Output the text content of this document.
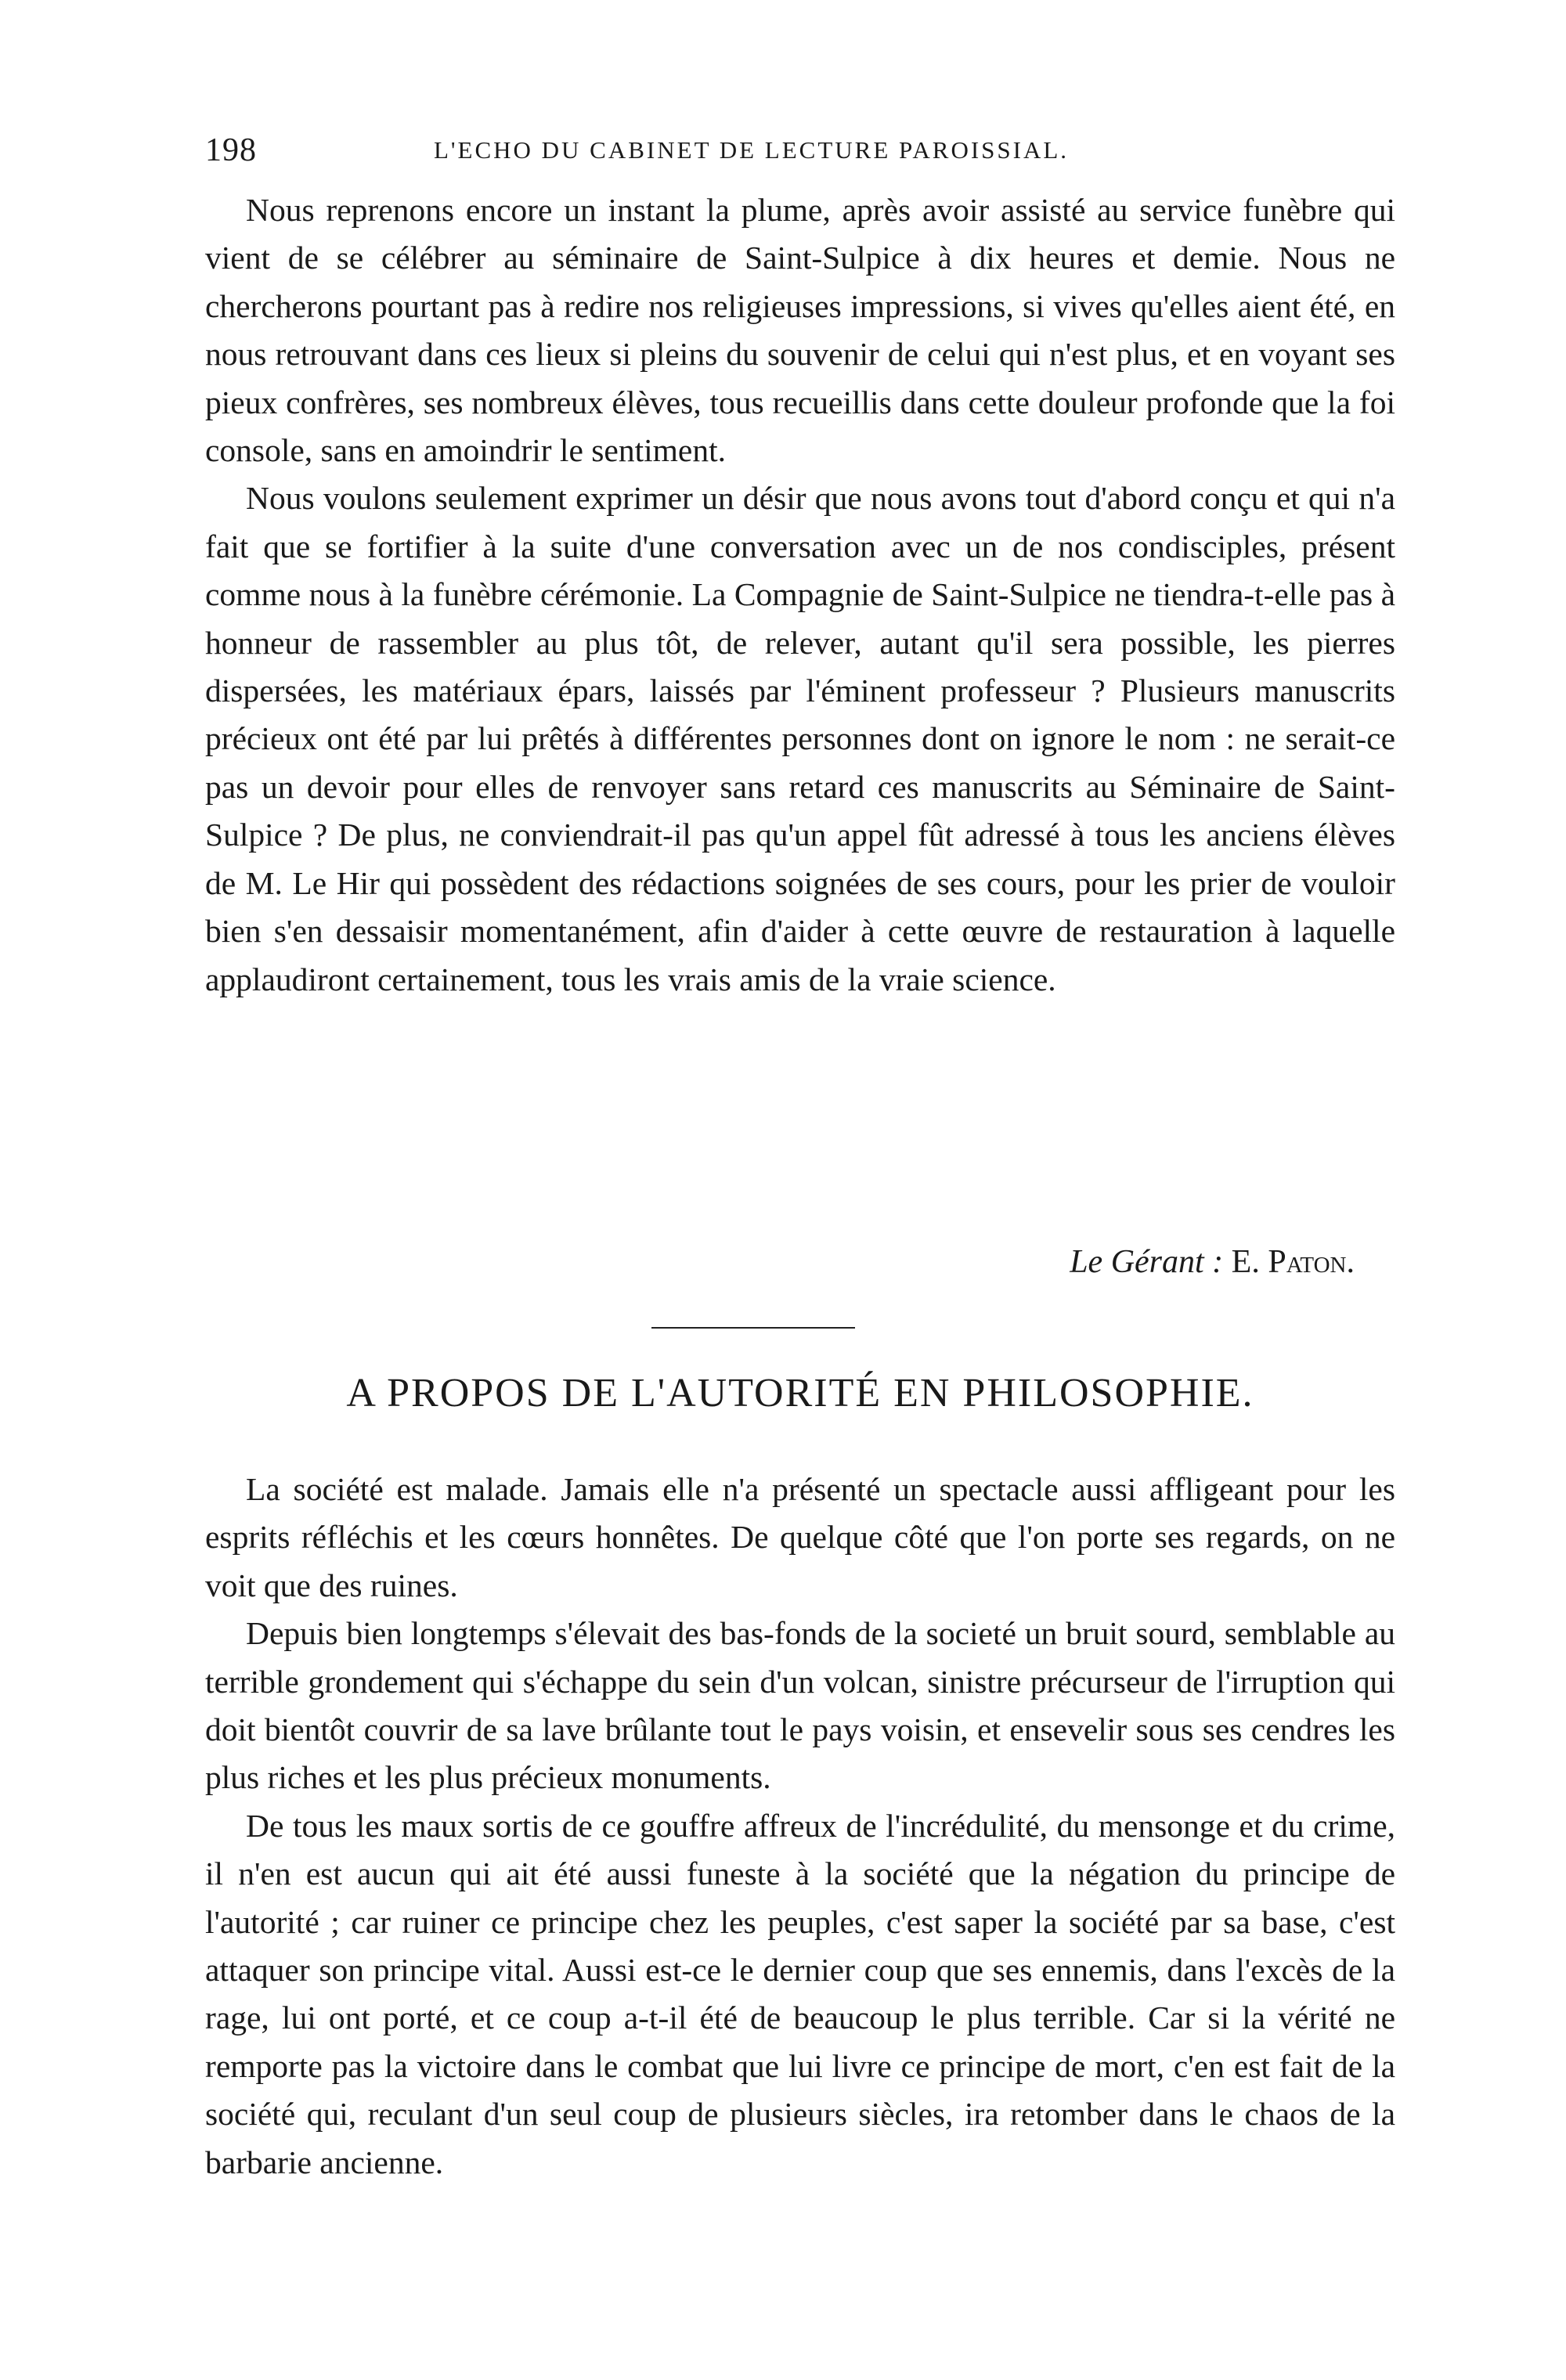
198	L'ECHO DU CABINET DE LECTURE PAROISSIAL.

Nous reprenons encore un instant la plume, après avoir assisté au service funèbre qui vient de se célébrer au séminaire de Saint-Sulpice à dix heures et demie. Nous ne chercherons pourtant pas à redire nos religieuses impressions, si vives qu'elles aient été, en nous retrouvant dans ces lieux si pleins du souvenir de celui qui n'est plus, et en voyant ses pieux confrères, ses nombreux élèves, tous recueillis dans cette douleur profonde que la foi console, sans en amoindrir le sentiment.

Nous voulons seulement exprimer un désir que nous avons tout d'abord conçu et qui n'a fait que se fortifier à la suite d'une conversation avec un de nos condisciples, présent comme nous à la funèbre cérémonie. La Compagnie de Saint-Sulpice ne tiendra-t-elle pas à honneur de rassembler au plus tôt, de relever, autant qu'il sera possible, les pierres dispersées, les matériaux épars, laissés par l'éminent professeur ? Plusieurs manuscrits précieux ont été par lui prêtés à différentes personnes dont on ignore le nom : ne serait-ce pas un devoir pour elles de renvoyer sans retard ces manuscrits au Séminaire de Saint-Sulpice ? De plus, ne conviendrait-il pas qu'un appel fût adressé à tous les anciens élèves de M. Le Hir qui possèdent des rédactions soignées de ses cours, pour les prier de vouloir bien s'en dessaisir momentanément, afin d'aider à cette œuvre de restauration à laquelle applaudiront certainement, tous les vrais amis de la vraie science.

Le Gérant : E. Paton.
A PROPOS DE L'AUTORITÉ EN PHILOSOPHIE.

La société est malade. Jamais elle n'a présenté un spectacle aussi affligeant pour les esprits réfléchis et les cœurs honnêtes. De quelque côté que l'on porte ses regards, on ne voit que des ruines.

Depuis bien longtemps s'élevait des bas-fonds de la societé un bruit sourd, semblable au terrible grondement qui s'échappe du sein d'un volcan, sinistre précurseur de l'irruption qui doit bientôt couvrir de sa lave brûlante tout le pays voisin, et ensevelir sous ses cendres les plus riches et les plus précieux monuments.

De tous les maux sortis de ce gouffre affreux de l'incrédulité, du mensonge et du crime, il n'en est aucun qui ait été aussi funeste à la société que la négation du principe de l'autorité ; car ruiner ce principe chez les peuples, c'est saper la société par sa base, c'est attaquer son principe vital. Aussi est-ce le dernier coup que ses ennemis, dans l'excès de la rage, lui ont porté, et ce coup a-t-il été de beaucoup le plus terrible. Car si la vérité ne remporte pas la victoire dans le combat que lui livre ce principe de mort, c'en est fait de la société qui, reculant d'un seul coup de plusieurs siècles, ira retomber dans le chaos de la barbarie ancienne.
